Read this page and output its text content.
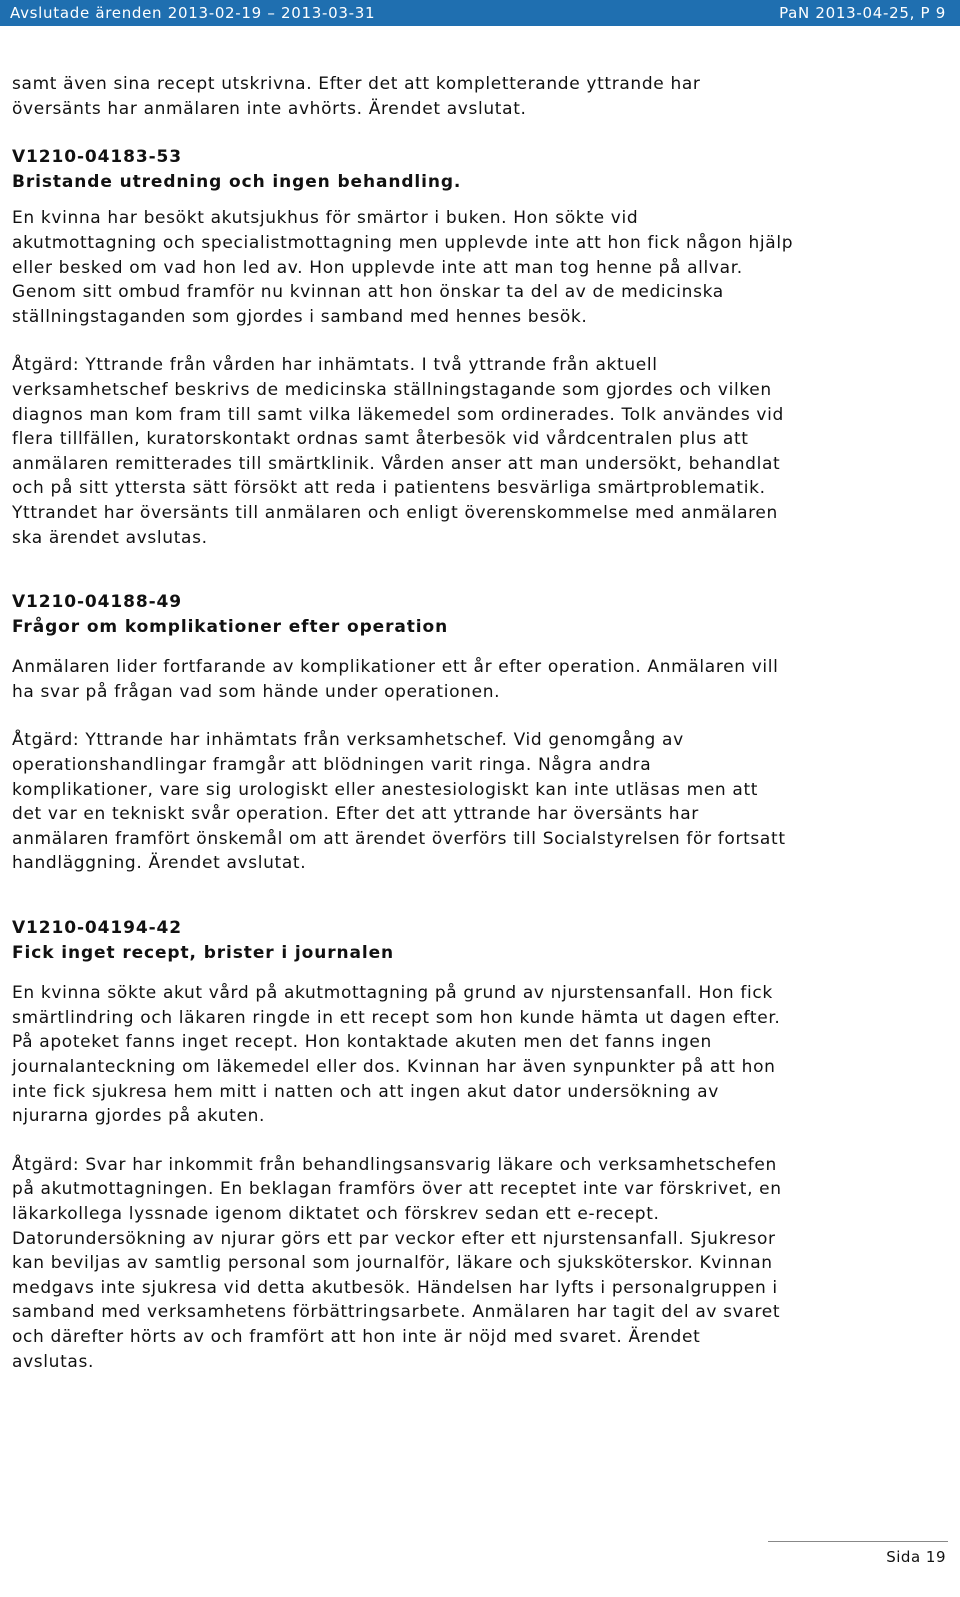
Avslutade ärenden 2013-02-19 – 2013-03-31	PaN 2013-04-25, P 9

samt även sina recept utskrivna. Efter det att kompletterande yttrande har

översänts har anmälaren inte avhörts. Ärendet avslutat.

V1210-04183-53

Bristande utredning och ingen behandling.

En kvinna har besökt akutsjukhus för smärtor i buken. Hon sökte vid

akutmottagning och specialistmottagning men upplevde inte att hon fick någon hjälp

eller besked om vad hon led av. Hon upplevde inte att man tog henne på allvar.

Genom sitt ombud framför nu kvinnan att hon önskar ta del av de medicinska

ställningstaganden som gjordes i samband med hennes besök.

Åtgärd: Yttrande från vården har inhämtats. I två yttrande från aktuell

verksamhetschef beskrivs de medicinska ställningstagande som gjordes och vilken

diagnos man kom fram till samt vilka läkemedel som ordinerades. Tolk användes vid

flera tillfällen, kuratorskontakt ordnas samt återbesök vid vårdcentralen plus att

anmälaren remitterades till smärtklinik. Vården anser att man undersökt, behandlat

och på sitt yttersta sätt försökt att reda i patientens besvärliga smärtproblematik.

Yttrandet har översänts till anmälaren och enligt överenskommelse med anmälaren

ska ärendet avslutas.

V1210-04188-49

Frågor om komplikationer efter operation

Anmälaren lider fortfarande av komplikationer ett år efter operation. Anmälaren vill

ha svar på frågan vad som hände under operationen.

Åtgärd: Yttrande har inhämtats från verksamhetschef. Vid genomgång av

operationshandlingar framgår att blödningen varit ringa. Några andra

komplikationer, vare sig urologiskt eller anestesiologiskt kan inte utläsas men att

det var en tekniskt svår operation. Efter det att yttrande har översänts har

anmälaren framfört önskemål om att ärendet överförs till Socialstyrelsen för fortsatt

handläggning. Ärendet avslutat.

V1210-04194-42

Fick inget recept, brister i journalen

En kvinna sökte akut vård på akutmottagning på grund av njurstensanfall. Hon fick

smärtlindring och läkaren ringde in ett recept som hon kunde hämta ut dagen efter.

På apoteket fanns inget recept. Hon kontaktade akuten men det fanns ingen

journalanteckning om läkemedel eller dos. Kvinnan har även synpunkter på att hon

inte fick sjukresa hem mitt i natten och att ingen akut dator undersökning av

njurarna gjordes på akuten.

Åtgärd: Svar har inkommit från behandlingsansvarig läkare och verksamhetschefen

på akutmottagningen. En beklagan framförs över att receptet inte var förskrivet, en

läkarkollega lyssnade igenom diktatet och förskrev sedan ett e-recept.

Datorundersökning av njurar görs ett par veckor efter ett njurstensanfall. Sjukresor

kan beviljas av samtlig personal som journalför, läkare och sjuksköterskor. Kvinnan

medgavs inte sjukresa vid detta akutbesök. Händelsen har lyfts i personalgruppen i

samband med verksamhetens förbättringsarbete. Anmälaren har tagit del av svaret

och därefter hörts av och framfört att hon inte är nöjd med svaret. Ärendet

avslutas.

Sida 19
